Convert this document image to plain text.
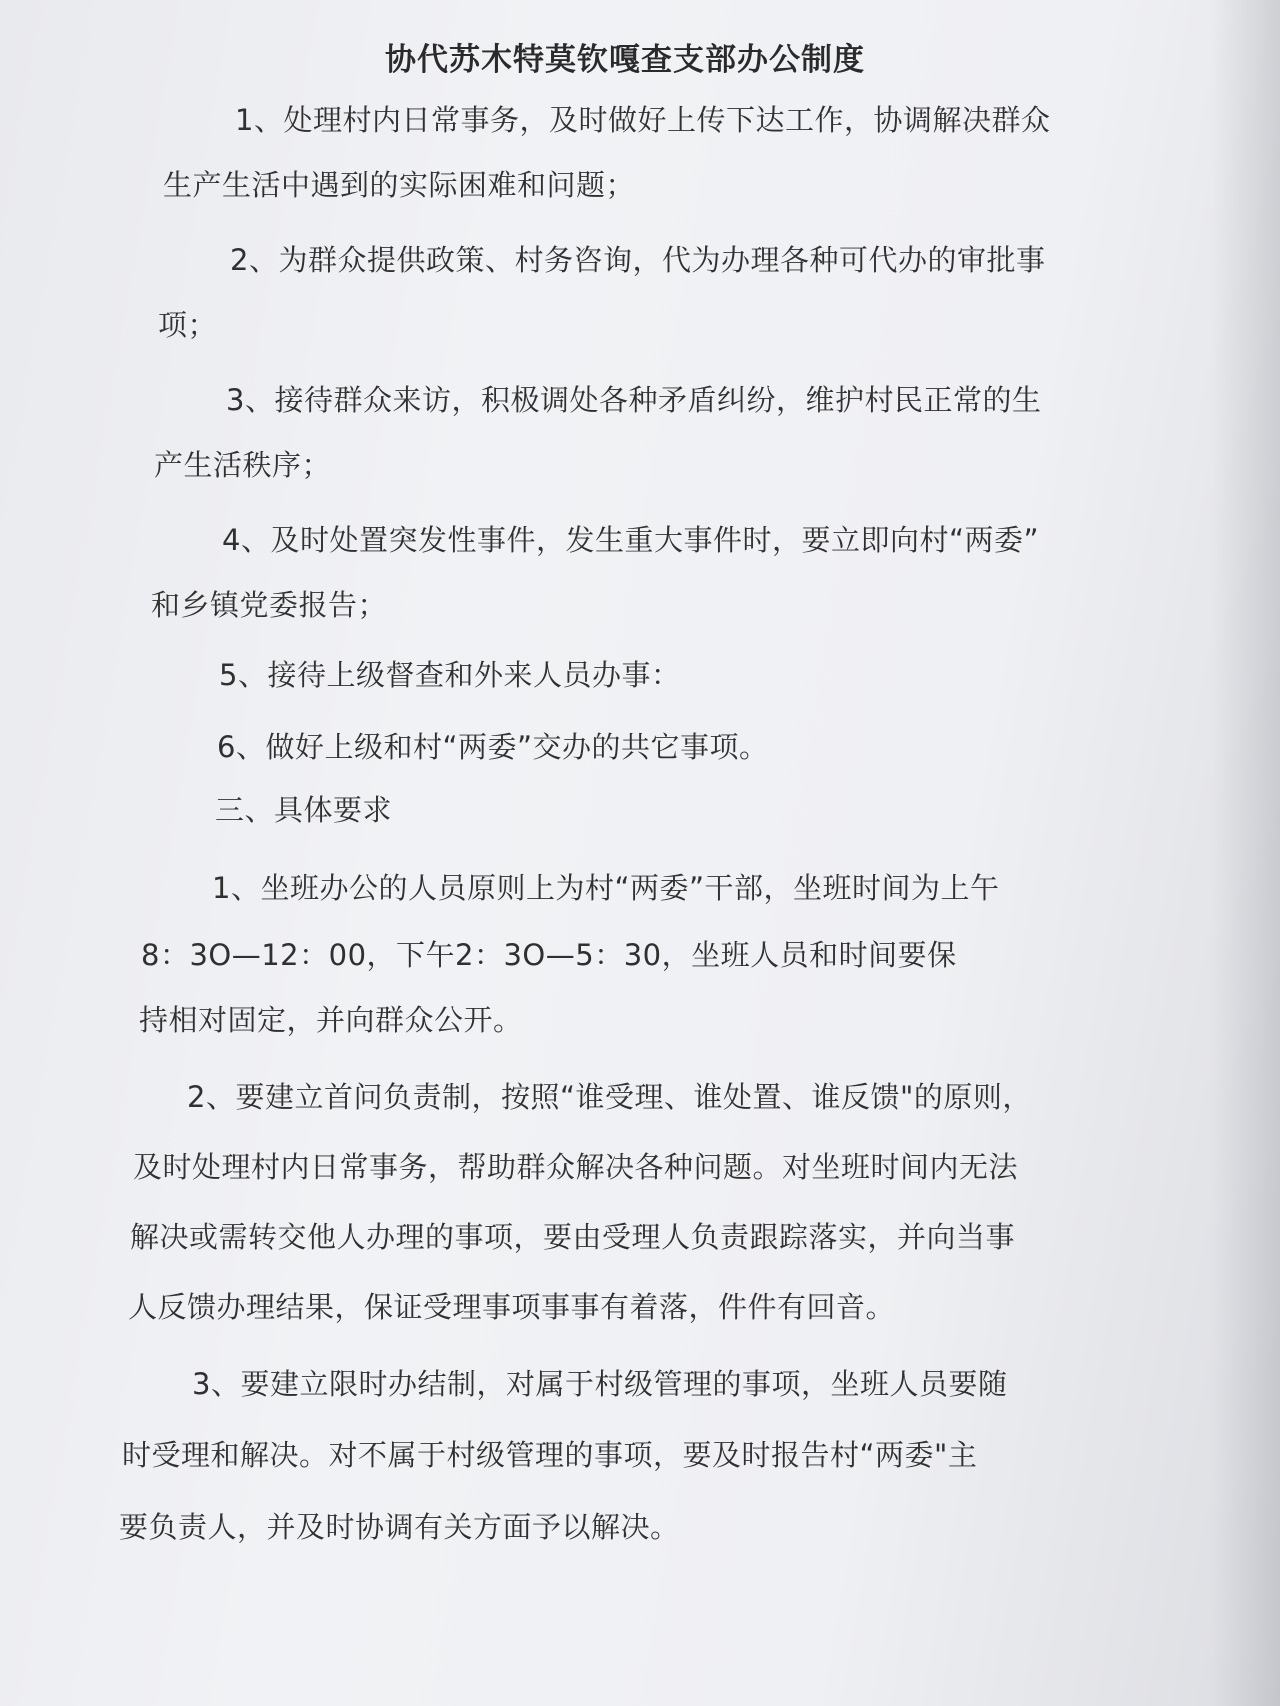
协代苏木特莫钦嘎查支部办公制度

1、处理村内日常事务，及时做好上传下达工作，协调解决群众

生产生活中遇到的实际困难和问题；

2、为群众提供政策、村务咨询，代为办理各种可代办的审批事

项；

3、接待群众来访，积极调处各种矛盾纠纷，维护村民正常的生

产生活秩序；

4、及时处置突发性事件，发生重大事件时，要立即向村“两委”

和乡镇党委报告；

5、接待上级督查和外来人员办事：

6、做好上级和村“两委”交办的共它事项。

三、具体要求

1、坐班办公的人员原则上为村“两委”干部，坐班时间为上午

8：3O—12：00，下午2：3O—5：30，坐班人员和时间要保

持相对固定，并向群众公开。

2、要建立首问负责制，按照“谁受理、谁处置、谁反馈"的原则，

及时处理村内日常事务，帮助群众解决各种问题。对坐班时间内无法

解决或需转交他人办理的事项，要由受理人负责跟踪落实，并向当事

人反馈办理结果，保证受理事项事事有着落，件件有回音。

3、要建立限时办结制，对属于村级管理的事项，坐班人员要随

时受理和解决。对不属于村级管理的事项，要及时报告村“两委"主

要负责人，并及时协调有关方面予以解决。
